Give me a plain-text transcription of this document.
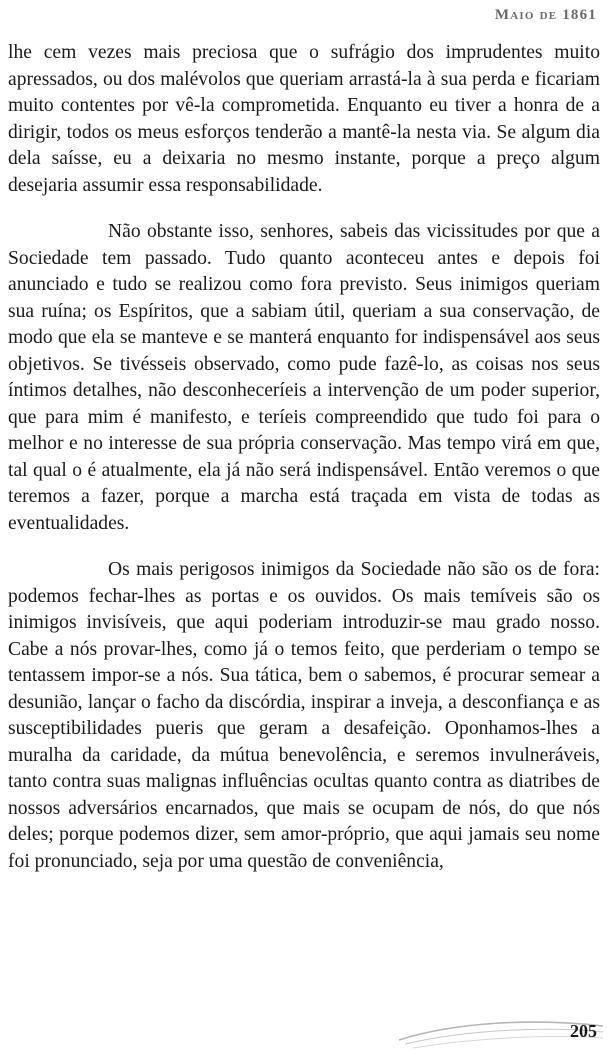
Maio de 1861

lhe cem vezes mais preciosa que o sufrágio dos imprudentes muito apressados, ou dos malévolos que queriam arrastá-la à sua perda e ficariam muito contentes por vê-la comprometida. Enquanto eu tiver a honra de a dirigir, todos os meus esforços tenderão a mantê-la nesta via. Se algum dia dela saísse, eu a deixaria no mesmo instante, porque a preço algum desejaria assumir essa responsabilidade.

Não obstante isso, senhores, sabeis das vicissitudes por que a Sociedade tem passado. Tudo quanto aconteceu antes e depois foi anunciado e tudo se realizou como fora previsto. Seus inimigos queriam sua ruína; os Espíritos, que a sabiam útil, queriam a sua conservação, de modo que ela se manteve e se manterá enquanto for indispensável aos seus objetivos. Se tivésseis observado, como pude fazê-lo, as coisas nos seus íntimos detalhes, não desconheceríeis a intervenção de um poder superior, que para mim é manifesto, e teríeis compreendido que tudo foi para o melhor e no interesse de sua própria conservação. Mas tempo virá em que, tal qual o é atualmente, ela já não será indispensável. Então veremos o que teremos a fazer, porque a marcha está traçada em vista de todas as eventualidades.

Os mais perigosos inimigos da Sociedade não são os de fora: podemos fechar-lhes as portas e os ouvidos. Os mais temíveis são os inimigos invisíveis, que aqui poderiam introduzir-se mau grado nosso. Cabe a nós provar-lhes, como já o temos feito, que perderiam o tempo se tentassem impor-se a nós. Sua tática, bem o sabemos, é procurar semear a desunião, lançar o facho da discórdia, inspirar a inveja, a desconfiança e as susceptibilidades pueris que geram a desafeição. Oponhamos-lhes a muralha da caridade, da mútua benevolência, e seremos invulneráveis, tanto contra suas malignas influências ocultas quanto contra as diatribes de nossos adversários encarnados, que mais se ocupam de nós, do que nós deles; porque podemos dizer, sem amor-próprio, que aqui jamais seu nome foi pronunciado, seja por uma questão de conveniência,

205
